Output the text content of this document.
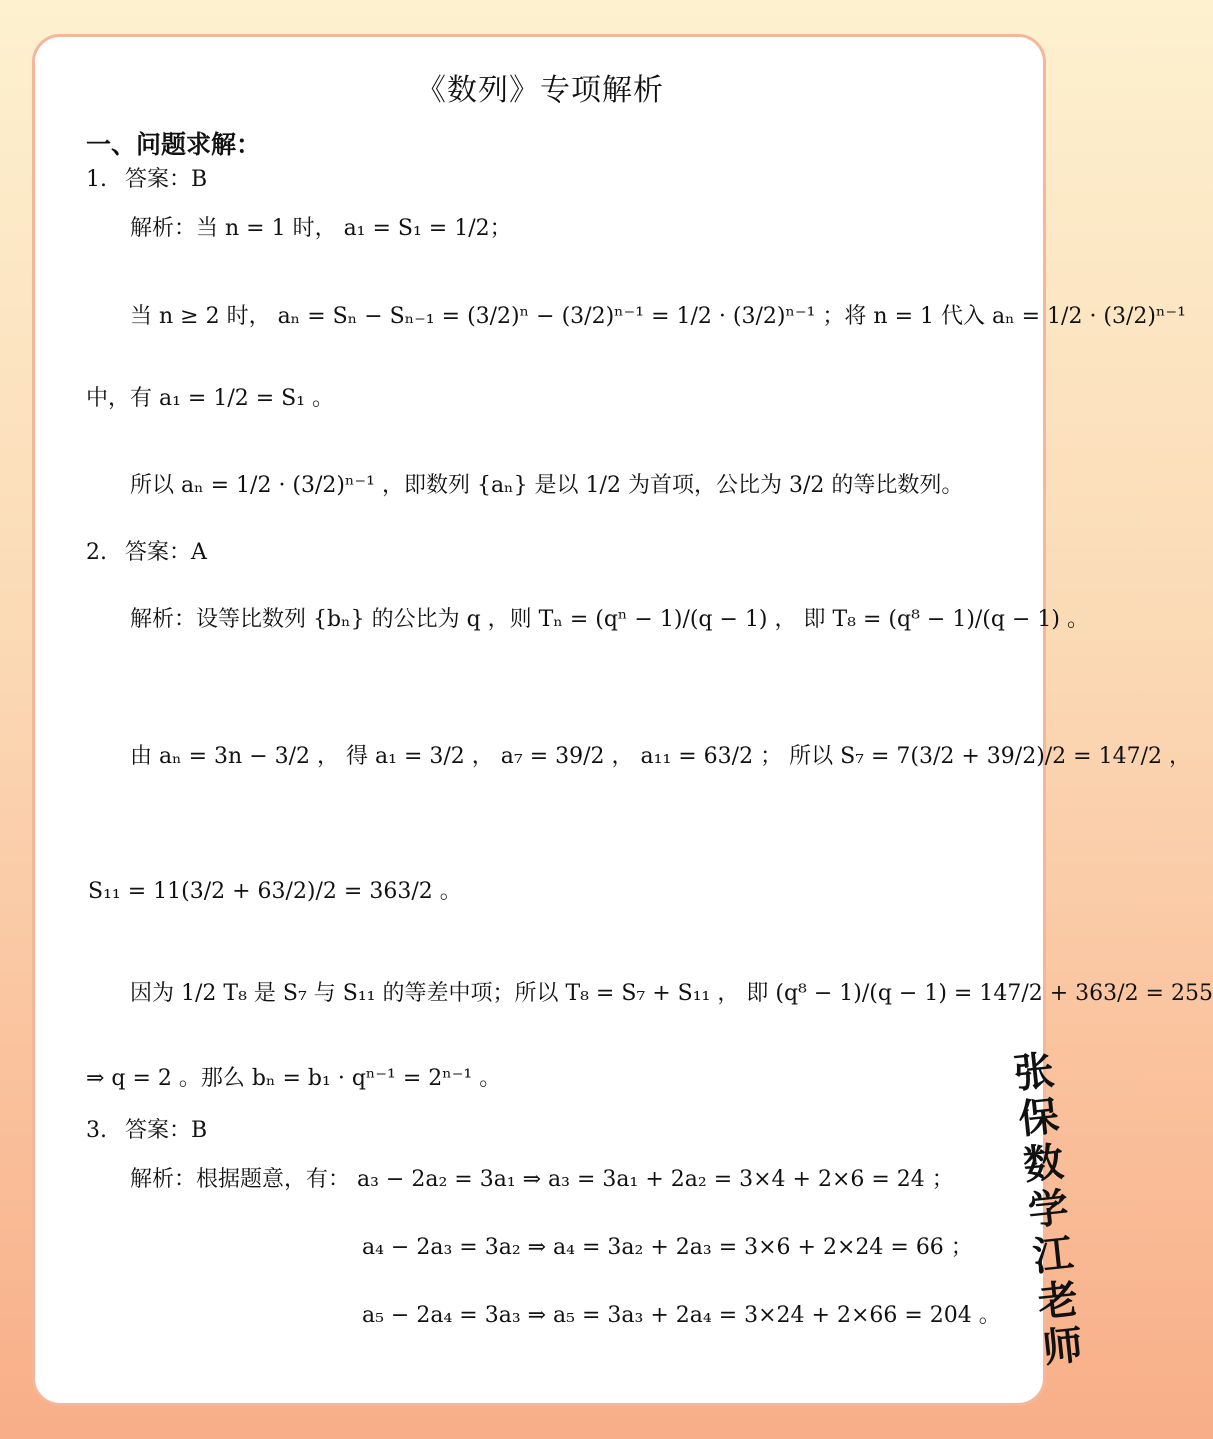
《数列》专项解析
一、问题求解：
1. 答案：B
解析：当 n = 1 时， a₁ = S₁ = 1/2；
当 n ≥ 2 时， aₙ = Sₙ − Sₙ₋₁ = (3/2)ⁿ − (3/2)ⁿ⁻¹ = 1/2 · (3/2)ⁿ⁻¹ ；将 n = 1 代入 aₙ = 1/2 · (3/2)ⁿ⁻¹
中，有 a₁ = 1/2 = S₁ 。
所以 aₙ = 1/2 · (3/2)ⁿ⁻¹ ，即数列 {aₙ} 是以 1/2 为首项，公比为 3/2 的等比数列。
2. 答案：A
解析：设等比数列 {bₙ} 的公比为 q ，则 Tₙ = (qⁿ − 1)/(q − 1) ， 即 T₈ = (q⁸ − 1)/(q − 1) 。
由 aₙ = 3n − 3/2 ， 得 a₁ = 3/2 ， a₇ = 39/2 ， a₁₁ = 63/2 ； 所以 S₇ = 7(3/2 + 39/2)/2 = 147/2 ，
S₁₁ = 11(3/2 + 63/2)/2 = 363/2 。
因为 1/2 T₈ 是 S₇ 与 S₁₁ 的等差中项；所以 T₈ = S₇ + S₁₁ ， 即 (q⁸ − 1)/(q − 1) = 147/2 + 363/2 = 255
⇒ q = 2 。那么 bₙ = b₁ · qⁿ⁻¹ = 2ⁿ⁻¹ 。
3. 答案：B
解析：根据题意，有： a₃ − 2a₂ = 3a₁ ⇒ a₃ = 3a₁ + 2a₂ = 3×4 + 2×6 = 24 ；
a₄ − 2a₃ = 3a₂ ⇒ a₄ = 3a₂ + 2a₃ = 3×6 + 2×24 = 66 ；
a₅ − 2a₄ = 3a₃ ⇒ a₅ = 3a₃ + 2a₄ = 3×24 + 2×66 = 204 。 张保数学江老师
